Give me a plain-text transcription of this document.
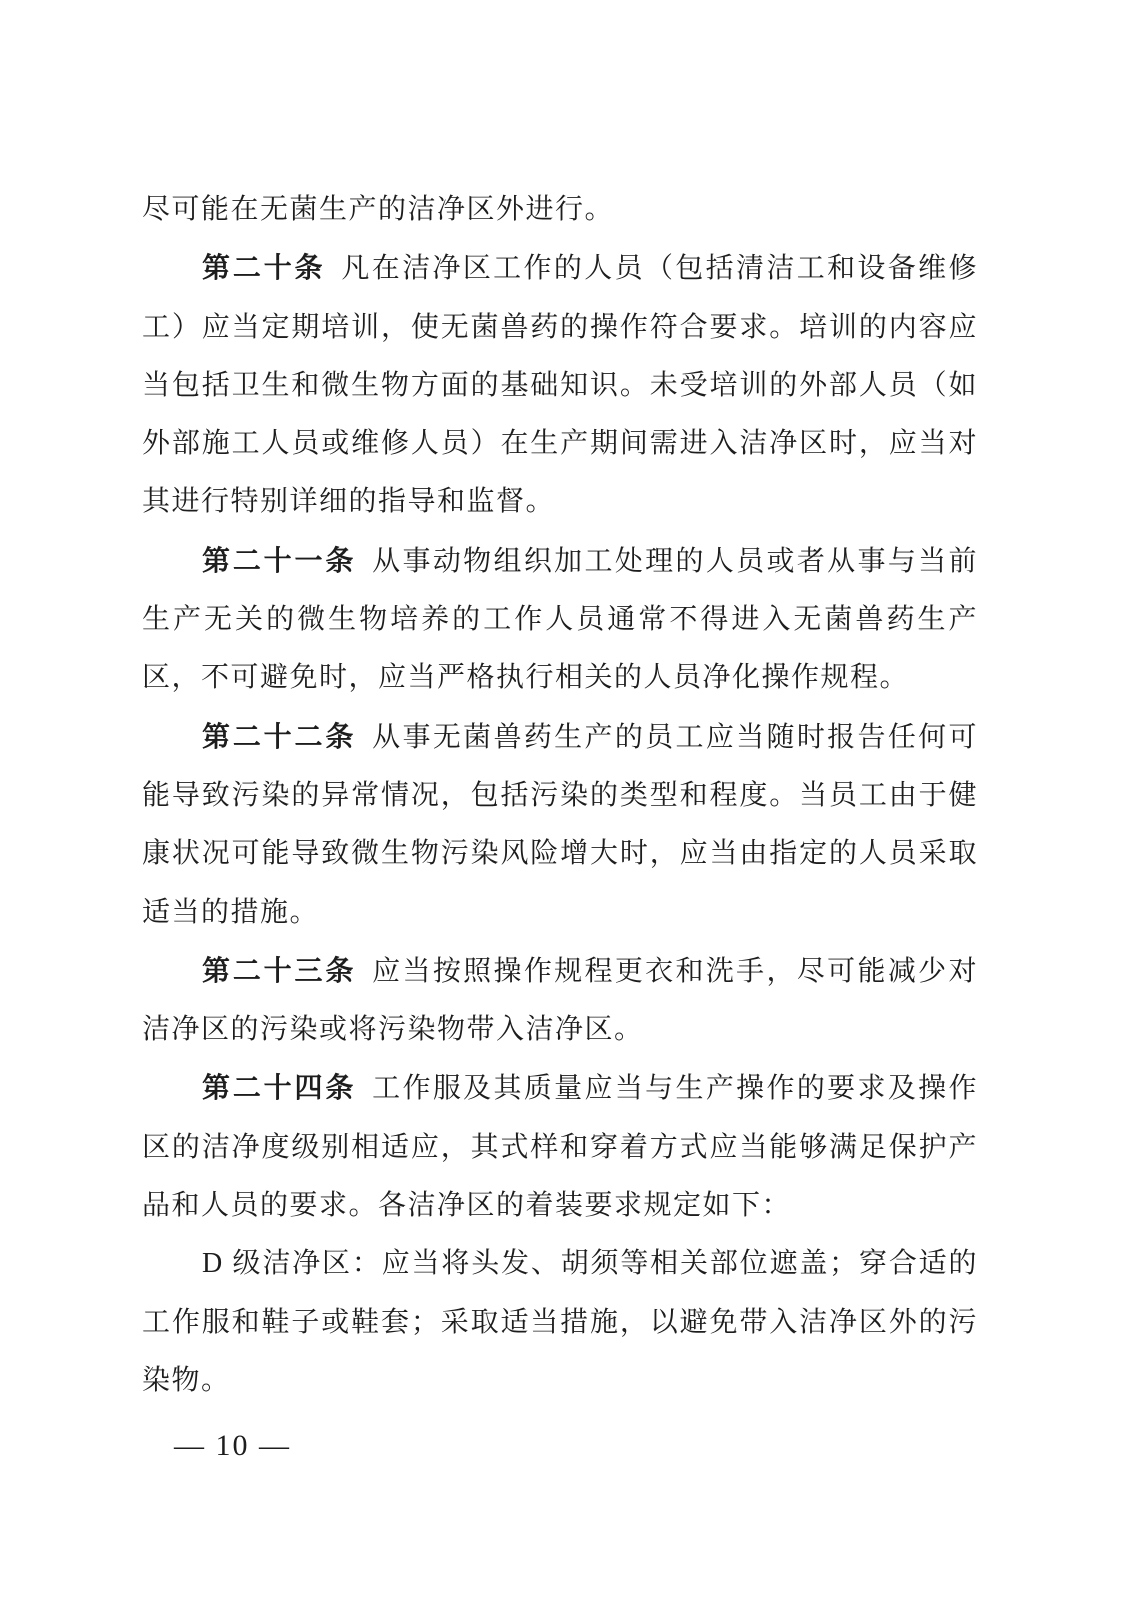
尽可能在无菌生产的洁净区外进行。

第二十条 凡在洁净区工作的人员（包括清洁工和设备维修工）应当定期培训，使无菌兽药的操作符合要求。培训的内容应当包括卫生和微生物方面的基础知识。未受培训的外部人员（如外部施工人员或维修人员）在生产期间需进入洁净区时，应当对其进行特别详细的指导和监督。

第二十一条 从事动物组织加工处理的人员或者从事与当前生产无关的微生物培养的工作人员通常不得进入无菌兽药生产区，不可避免时，应当严格执行相关的人员净化操作规程。

第二十二条 从事无菌兽药生产的员工应当随时报告任何可能导致污染的异常情况，包括污染的类型和程度。当员工由于健康状况可能导致微生物污染风险增大时，应当由指定的人员采取适当的措施。

第二十三条 应当按照操作规程更衣和洗手，尽可能减少对洁净区的污染或将污染物带入洁净区。

第二十四条 工作服及其质量应当与生产操作的要求及操作区的洁净度级别相适应，其式样和穿着方式应当能够满足保护产品和人员的要求。各洁净区的着装要求规定如下：

D 级洁净区：应当将头发、胡须等相关部位遮盖；穿合适的工作服和鞋子或鞋套；采取适当措施，以避免带入洁净区外的污染物。

— 10 —
